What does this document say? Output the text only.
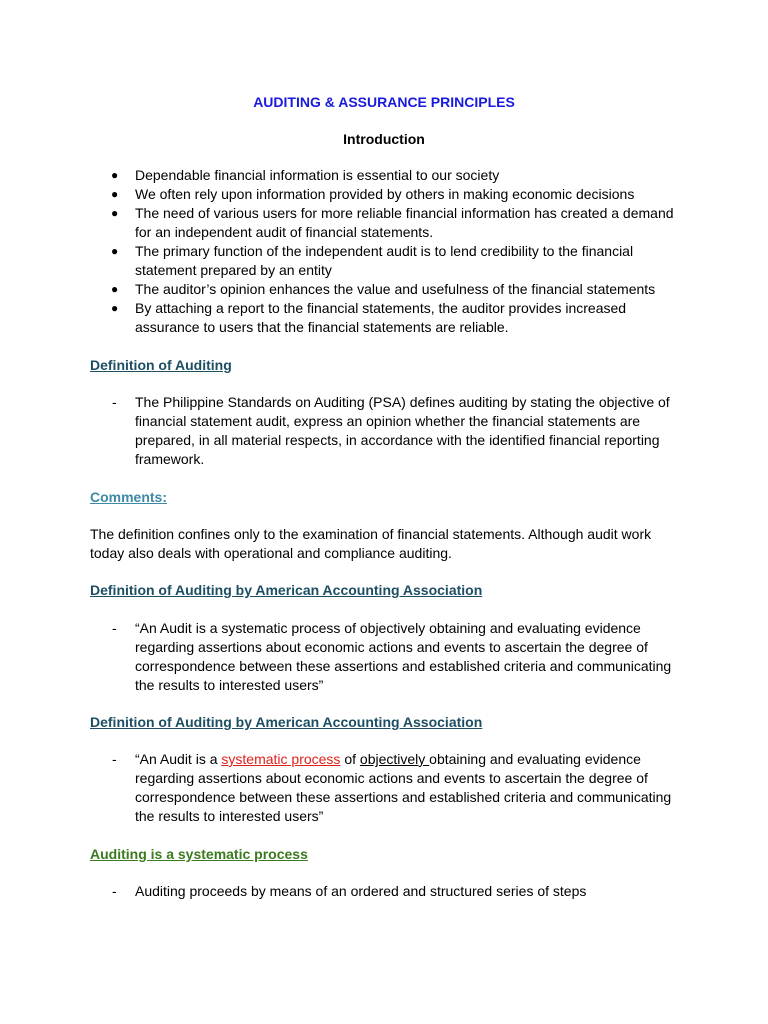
AUDITING & ASSURANCE PRINCIPLES
Introduction
● Dependable financial information is essential to our society
● We often rely upon information provided by others in making economic decisions
● The need of various users for more reliable financial information has created a demand for an independent audit of financial statements.
● The primary function of the independent audit is to lend credibility to the financial statement prepared by an entity
● The auditor’s opinion enhances the value and usefulness of the financial statements
● By attaching a report to the financial statements, the auditor provides increased assurance to users that the financial statements are reliable.
Definition of Auditing
- The Philippine Standards on Auditing (PSA) defines auditing by stating the objective of financial statement audit, express an opinion whether the financial statements are prepared, in all material respects, in accordance with the identified financial reporting framework.
Comments:
The definition confines only to the examination of financial statements. Although audit work today also deals with operational and compliance auditing.
Definition of Auditing by American Accounting Association
- “An Audit is a systematic process of objectively obtaining and evaluating evidence regarding assertions about economic actions and events to ascertain the degree of correspondence between these assertions and established criteria and communicating the results to interested users”
Definition of Auditing by American Accounting Association
- “An Audit is a systematic process of objectively obtaining and evaluating evidence regarding assertions about economic actions and events to ascertain the degree of correspondence between these assertions and established criteria and communicating the results to interested users”
Auditing is a systematic process
- Auditing proceeds by means of an ordered and structured series of steps
